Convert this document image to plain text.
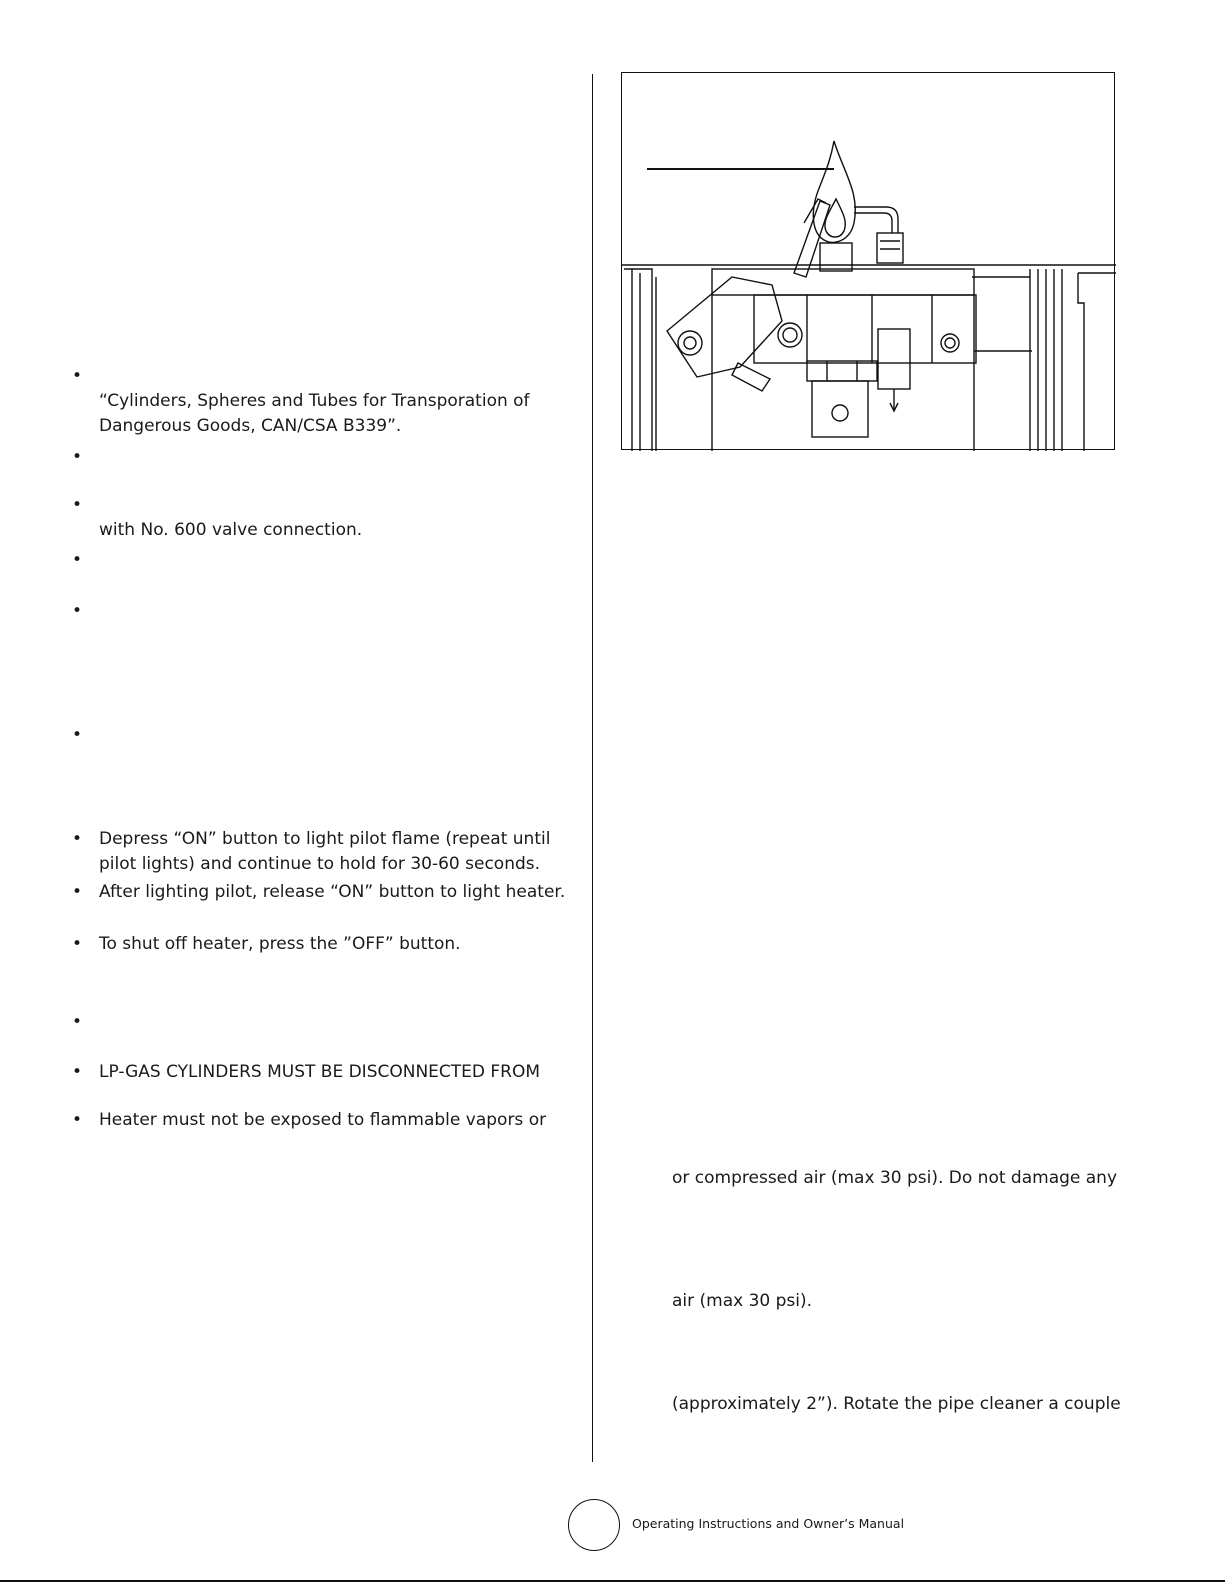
•
“Cylinders, Spheres and Tubes for Transporation of
Dangerous Goods, CAN/CSA B339”.
•
•
with No. 600 valve connection.
•
•
•
• Depress “ON” button to light pilot flame (repeat until
pilot lights) and continue to hold for 30-60 seconds.
• After lighting pilot, release “ON” button to light heater.
• To shut off heater, press the ”OFF” button.
•
• LP-GAS CYLINDERS MUST BE DISCONNECTED FROM
• Heater must not be exposed to flammable vapors or
or compressed air (max 30 psi). Do not damage any
air (max 30 psi).
(approximately 2”). Rotate the pipe cleaner a couple
Operating Instructions and Owner’s Manual
